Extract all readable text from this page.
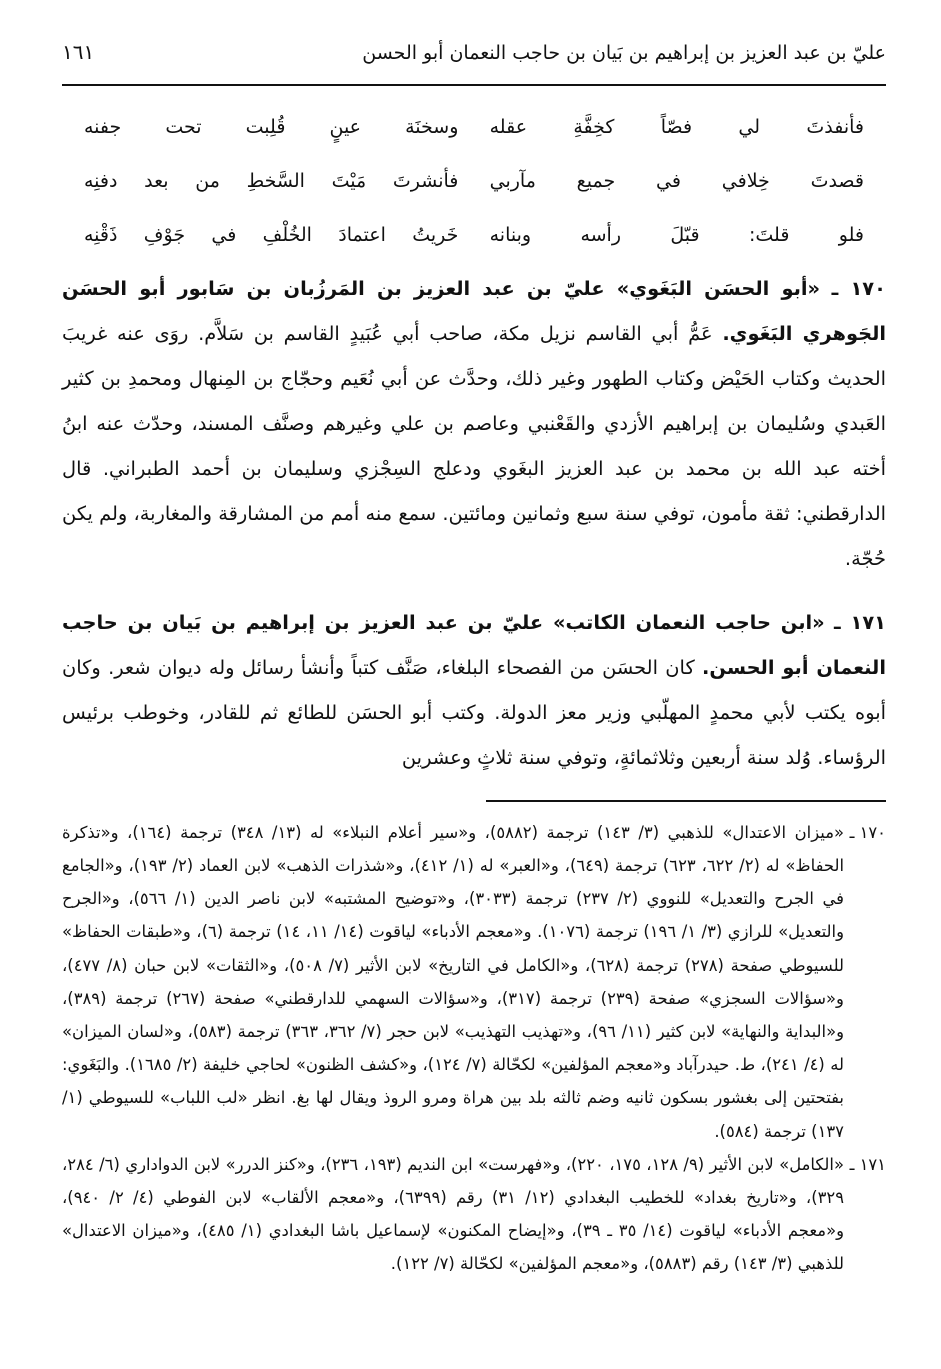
عليّ بن عبد العزيز بن إبراهيم بن بَيان بن حاجب النعمان أبو الحسن
١٦١
فأنفذتَ لي فصّاً كخِفَّةِ عقله
وسخنَة عينٍ قُلِبت تحت جفنه
قصدتَ خِلافي في جميع مآربي
فأنشرتَ مَيْتَ السَّخطِ من بعد دفنِه
فلو قلتَ: قبّلَ رأسه وبنانه
خَريتُ اعتمادَ الخُلْفِ في جَوْفِ ذَقْنِه

١٧٠ ـ «أبو الحسَن البَغَوي» عليّ بن عبد العزيز بن المَرزُبان بن سَابور أبو الحسَن الجَوهري البَغَوي. عَمُّ أبي القاسم نزيل مكة، صاحب أبي عُبَيدٍ القاسم بن سَلاَّم. روَى عنه غريبَ الحديث وكتاب الحَيْض وكتاب الطهور وغير ذلك، وحدَّث عن أبي نُعَيم وحجّاج بن المِنهال ومحمدِ بن كثير العَبدي وسُليمان بن إبراهيم الأزدي والقَعْنبي وعاصم بن علي وغيرهم وصنَّف المسند، وحدّث عنه ابنُ أخته عبد الله بن محمد بن عبد العزيز البغَوي ودعلج السِجْزي وسليمان بن أحمد الطبراني. قال الدارقطني: ثقة مأمون، توفي سنة سبع وثمانين ومائتين. سمع منه أمم من المشارقة والمغاربة، ولم يكن حُجّة.

١٧١ ـ «ابن حاجب النعمان الكاتب» عليّ بن عبد العزيز بن إبراهيم بن بَيان بن حاجب النعمان أبو الحسن. كان الحسَن من الفصحاء البلغاء، صَنَّف كتباً وأنشأ رسائل وله ديوان شعر. وكان أبوه يكتب لأبي محمدٍ المهلّبي وزير معز الدولة. وكتب أبو الحسَن للطائع ثم للقادر، وخوطب برئيس الرؤساء. وُلد سنة أربعين وثلاثمائةٍ، وتوفي سنة ثلاثٍ وعشرين

١٧٠ ـ
«ميزان الاعتدال» للذهبي (٣/ ١٤٣) ترجمة (٥٨٨٢)، و«سير أعلام النبلاء» له (١٣/ ٣٤٨) ترجمة (١٦٤)، و«تذكرة الحفاظ» له (٢/ ٦٢٢، ٦٢٣) ترجمة (٦٤٩)، و«العبر» له (١/ ٤١٢)، و«شذرات الذهب» لابن العماد (٢/ ١٩٣)، و«الجامع في الجرح والتعديل» للنووي (٢/ ٢٣٧) ترجمة (٣٠٣٣)، و«توضيح المشتبه» لابن ناصر الدين (١/ ٥٦٦)، و«الجرح والتعديل» للرازي (٣/ ١/ ١٩٦) ترجمة (١٠٧٦). و«معجم الأدباء» لياقوت (١٤/ ١١، ١٤) ترجمة (٦)، و«طبقات الحفاظ» للسيوطي صفحة (٢٧٨) ترجمة (٦٢٨)، و«الكامل في التاريخ» لابن الأثير (٧/ ٥٠٨)، و«الثقات» لابن حبان (٨/ ٤٧٧)، و«سؤالات السجزي» صفحة (٢٣٩) ترجمة (٣١٧)، و«سؤالات السهمي للدارقطني» صفحة (٢٦٧) ترجمة (٣٨٩)، و«البداية والنهاية» لابن كثير (١١/ ٩٦)، و«تهذيب التهذيب» لابن حجر (٧/ ٣٦٢، ٣٦٣) ترجمة (٥٨٣)، و«لسان الميزان» له (٤/ ٢٤١)، ط. حيدرآباد و«معجم المؤلفين» لكحّالة (٧/ ١٢٤)، و«كشف الظنون» لحاجي خليفة (٢/ ١٦٨٥). والبَغَوي: بفتحتين إلى بغشور بسكون ثانيه وضم ثالثه بلد بين هراة ومرو الروذ ويقال لها بغ. انظر «لب اللباب» للسيوطي (١/ ١٣٧) ترجمة (٥٨٤).
١٧١ ـ
«الكامل» لابن الأثير (٩/ ١٢٨، ١٧٥، ٢٢٠)، و«فهرست» ابن النديم (١٩٣، ٢٣٦)، و«كنز الدرر» لابن الدواداري (٦/ ٢٨٤، ٣٢٩)، و«تاريخ بغداد» للخطيب البغدادي (١٢/ ٣١) رقم (٦٣٩٩)، و«معجم الألقاب» لابن الفوطي (٤/ ٢/ ٩٤٠)، و«معجم الأدباء» لياقوت (١٤/ ٣٥ ـ ٣٩)، و«إيضاح المكنون» لإسماعيل باشا البغدادي (١/ ٤٨٥)، و«ميزان الاعتدال» للذهبي (٣/ ١٤٣) رقم (٥٨٨٣)، و«معجم المؤلفين» لكحّالة (٧/ ١٢٢).
